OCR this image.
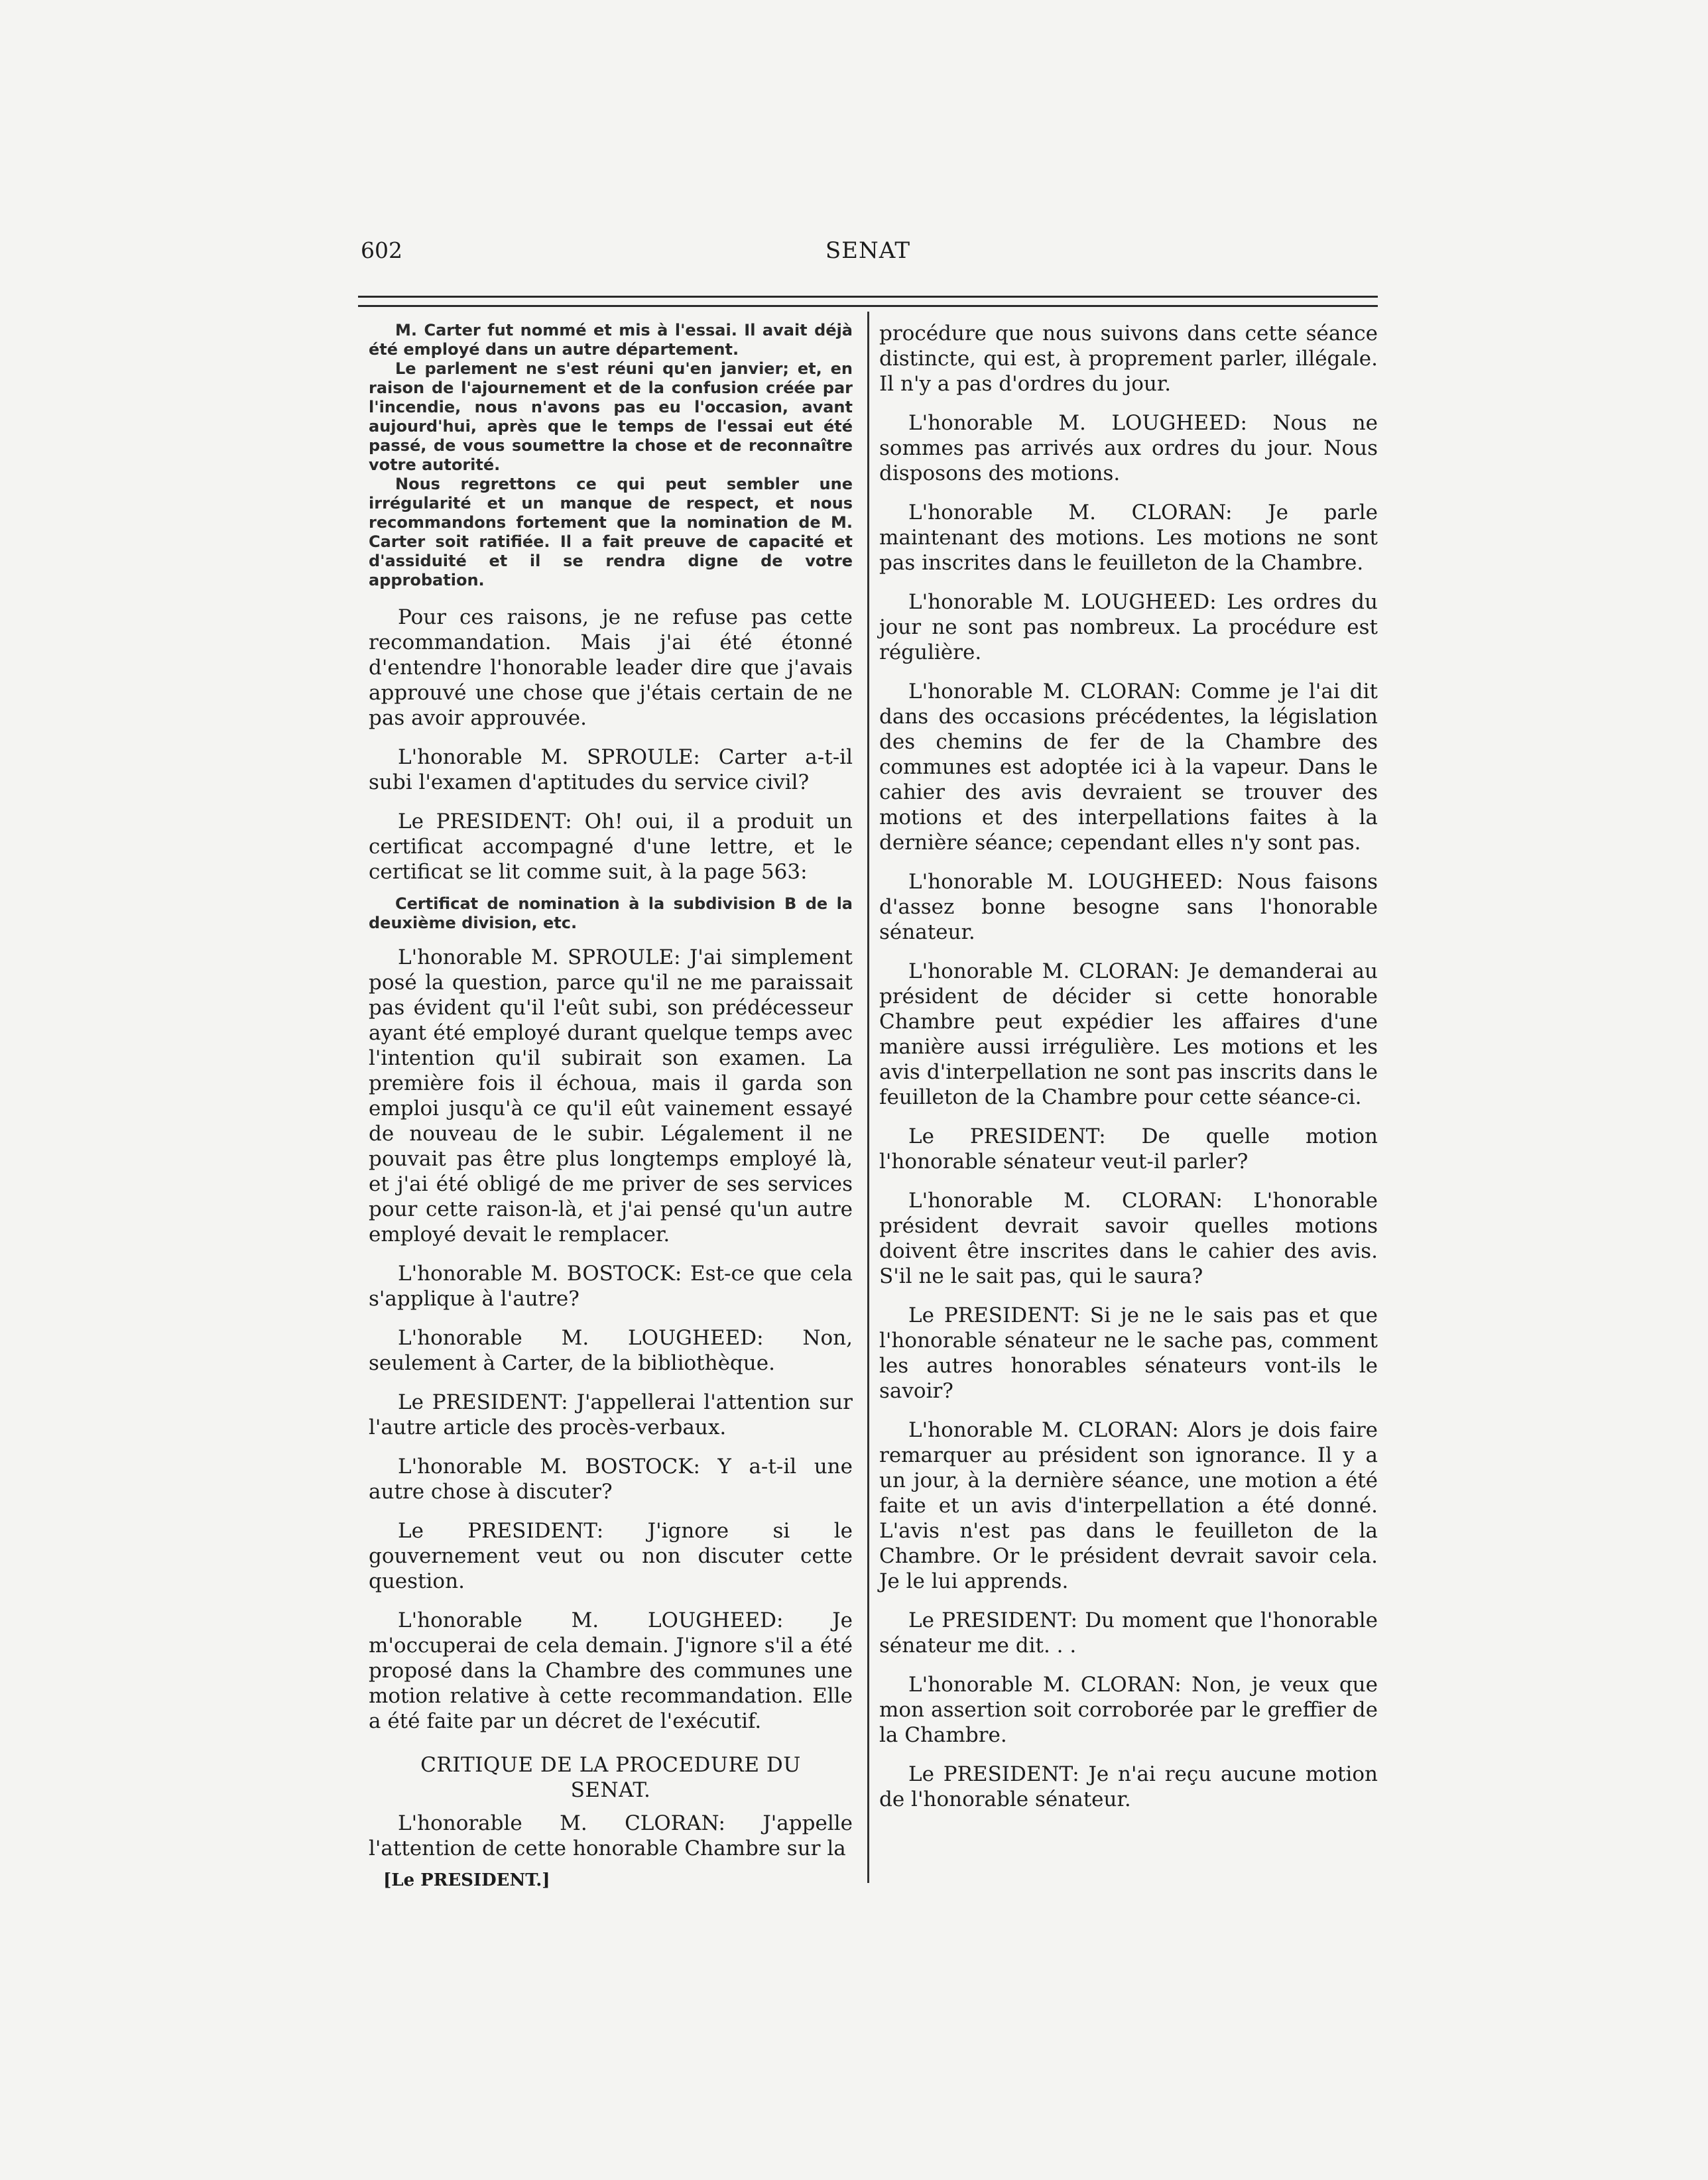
602	SENAT

M. Carter fut nommé et mis à l'essai. Il avait déjà été employé dans un autre département.

Le parlement ne s'est réuni qu'en janvier; et, en raison de l'ajournement et de la confusion créée par l'incendie, nous n'avons pas eu l'occasion, avant aujourd'hui, après que le temps de l'essai eut été passé, de vous soumettre la chose et de reconnaître votre autorité.

Nous regrettons ce qui peut sembler une irrégularité et un manque de respect, et nous recommandons fortement que la nomination de M. Carter soit ratifiée. Il a fait preuve de capacité et d'assiduité et il se rendra digne de votre approbation.

Pour ces raisons, je ne refuse pas cette recommandation. Mais j'ai été étonné d'entendre l'honorable leader dire que j'avais approuvé une chose que j'étais certain de ne pas avoir approuvée.

L'honorable M. SPROULE: Carter a-t-il subi l'examen d'aptitudes du service civil?

Le PRESIDENT: Oh! oui, il a produit un certificat accompagné d'une lettre, et le certificat se lit comme suit, à la page 563:

Certificat de nomination à la subdivision B de la deuxième division, etc.

L'honorable M. SPROULE: J'ai simplement posé la question, parce qu'il ne me paraissait pas évident qu'il l'eût subi, son prédécesseur ayant été employé durant quelque temps avec l'intention qu'il subirait son examen. La première fois il échoua, mais il garda son emploi jusqu'à ce qu'il eût vainement essayé de nouveau de le subir. Légalement il ne pouvait pas être plus longtemps employé là, et j'ai été obligé de me priver de ses services pour cette raison-là, et j'ai pensé qu'un autre employé devait le remplacer.

L'honorable M. BOSTOCK: Est-ce que cela s'applique à l'autre?

L'honorable M. LOUGHEED: Non, seulement à Carter, de la bibliothèque.

Le PRESIDENT: J'appellerai l'attention sur l'autre article des procès-verbaux.

L'honorable M. BOSTOCK: Y a-t-il une autre chose à discuter?

Le PRESIDENT: J'ignore si le gouvernement veut ou non discuter cette question.

L'honorable M. LOUGHEED: Je m'occuperai de cela demain. J'ignore s'il a été proposé dans la Chambre des communes une motion relative à cette recommandation. Elle a été faite par un décret de l'exécutif.

CRITIQUE DE LA PROCEDURE DU
SENAT.

L'honorable M. CLORAN: J'appelle l'attention de cette honorable Chambre sur la

[Le PRESIDENT.]

procédure que nous suivons dans cette séance distincte, qui est, à proprement parler, illégale. Il n'y a pas d'ordres du jour.

L'honorable M. LOUGHEED: Nous ne sommes pas arrivés aux ordres du jour. Nous disposons des motions.

L'honorable M. CLORAN: Je parle maintenant des motions. Les motions ne sont pas inscrites dans le feuilleton de la Chambre.

L'honorable M. LOUGHEED: Les ordres du jour ne sont pas nombreux. La procédure est régulière.

L'honorable M. CLORAN: Comme je l'ai dit dans des occasions précédentes, la législation des chemins de fer de la Chambre des communes est adoptée ici à la vapeur. Dans le cahier des avis devraient se trouver des motions et des interpellations faites à la dernière séance; cependant elles n'y sont pas.

L'honorable M. LOUGHEED: Nous faisons d'assez bonne besogne sans l'honorable sénateur.

L'honorable M. CLORAN: Je demanderai au président de décider si cette honorable Chambre peut expédier les affaires d'une manière aussi irrégulière. Les motions et les avis d'interpellation ne sont pas inscrits dans le feuilleton de la Chambre pour cette séance-ci.

Le PRESIDENT: De quelle motion l'honorable sénateur veut-il parler?

L'honorable M. CLORAN: L'honorable président devrait savoir quelles motions doivent être inscrites dans le cahier des avis. S'il ne le sait pas, qui le saura?

Le PRESIDENT: Si je ne le sais pas et que l'honorable sénateur ne le sache pas, comment les autres honorables sénateurs vont-ils le savoir?

L'honorable M. CLORAN: Alors je dois faire remarquer au président son ignorance. Il y a un jour, à la dernière séance, une motion a été faite et un avis d'interpellation a été donné. L'avis n'est pas dans le feuilleton de la Chambre. Or le président devrait savoir cela. Je le lui apprends.

Le PRESIDENT: Du moment que l'honorable sénateur me dit. . .

L'honorable M. CLORAN: Non, je veux que mon assertion soit corroborée par le greffier de la Chambre.

Le PRESIDENT: Je n'ai reçu aucune motion de l'honorable sénateur.
